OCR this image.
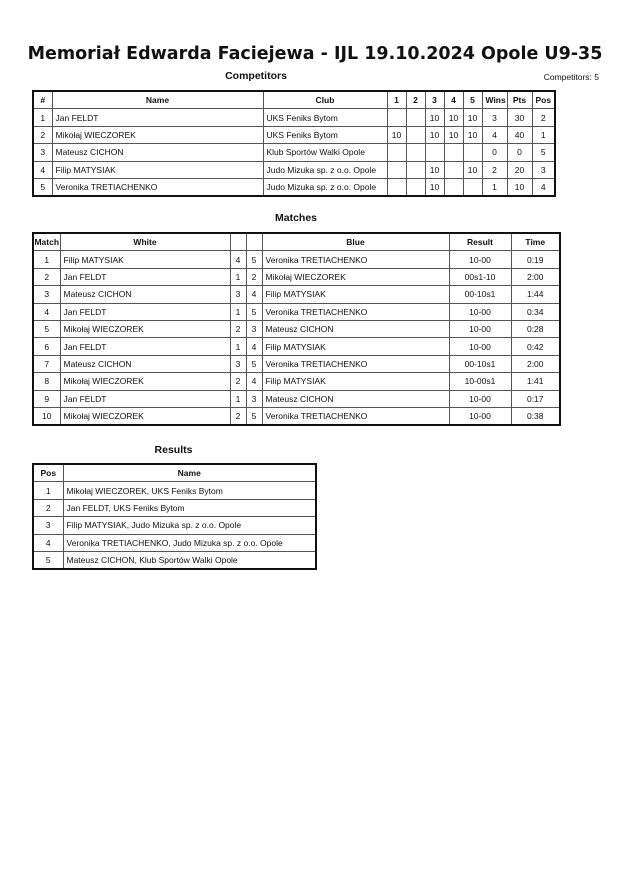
Memoriał Edwarda Faciejewa - IJL 19.10.2024 Opole U9-35
Competitors	Competitors: 5
#	Name	Club	1	2	3	4	5	Wins	Pts	Pos
1	Jan FELDT	UKS Feniks Bytom			10	10	10	3	30	2
2	Mikołaj WIECZOREK	UKS Feniks Bytom	10		10	10	10	4	40	1
3	Mateusz CICHON	Klub Sportów Walki Opole						0	0	5
4	Filip MATYSIAK	Judo Mizuka sp. z o.o. Opole			10		10	2	20	3
5	Veronika TRETIACHENKO	Judo Mizuka sp. z o.o. Opole			10			1	10	4
Matches
Match	White			Blue	Result	Time
1	Filip MATYSIAK	4	5	Veronika TRETIACHENKO	10-00	0:19
2	Jan FELDT	1	2	Mikołaj WIECZOREK	00s1-10	2:00
3	Mateusz CICHON	3	4	Filip MATYSIAK	00-10s1	1:44
4	Jan FELDT	1	5	Veronika TRETIACHENKO	10-00	0:34
5	Mikołaj WIECZOREK	2	3	Mateusz CICHON	10-00	0:28
6	Jan FELDT	1	4	Filip MATYSIAK	10-00	0:42
7	Mateusz CICHON	3	5	Veronika TRETIACHENKO	00-10s1	2:00
8	Mikołaj WIECZOREK	2	4	Filip MATYSIAK	10-00s1	1:41
9	Jan FELDT	1	3	Mateusz CICHON	10-00	0:17
10	Mikołaj WIECZOREK	2	5	Veronika TRETIACHENKO	10-00	0:38
Results
Pos	Name
1	Mikołaj WIECZOREK, UKS Feniks Bytom
2	Jan FELDT, UKS Feniks Bytom
3	Filip MATYSIAK, Judo Mizuka sp. z o.o. Opole
4	Veronika TRETIACHENKO, Judo Mizuka sp. z o.o. Opole
5	Mateusz CICHON, Klub Sportów Walki Opole
